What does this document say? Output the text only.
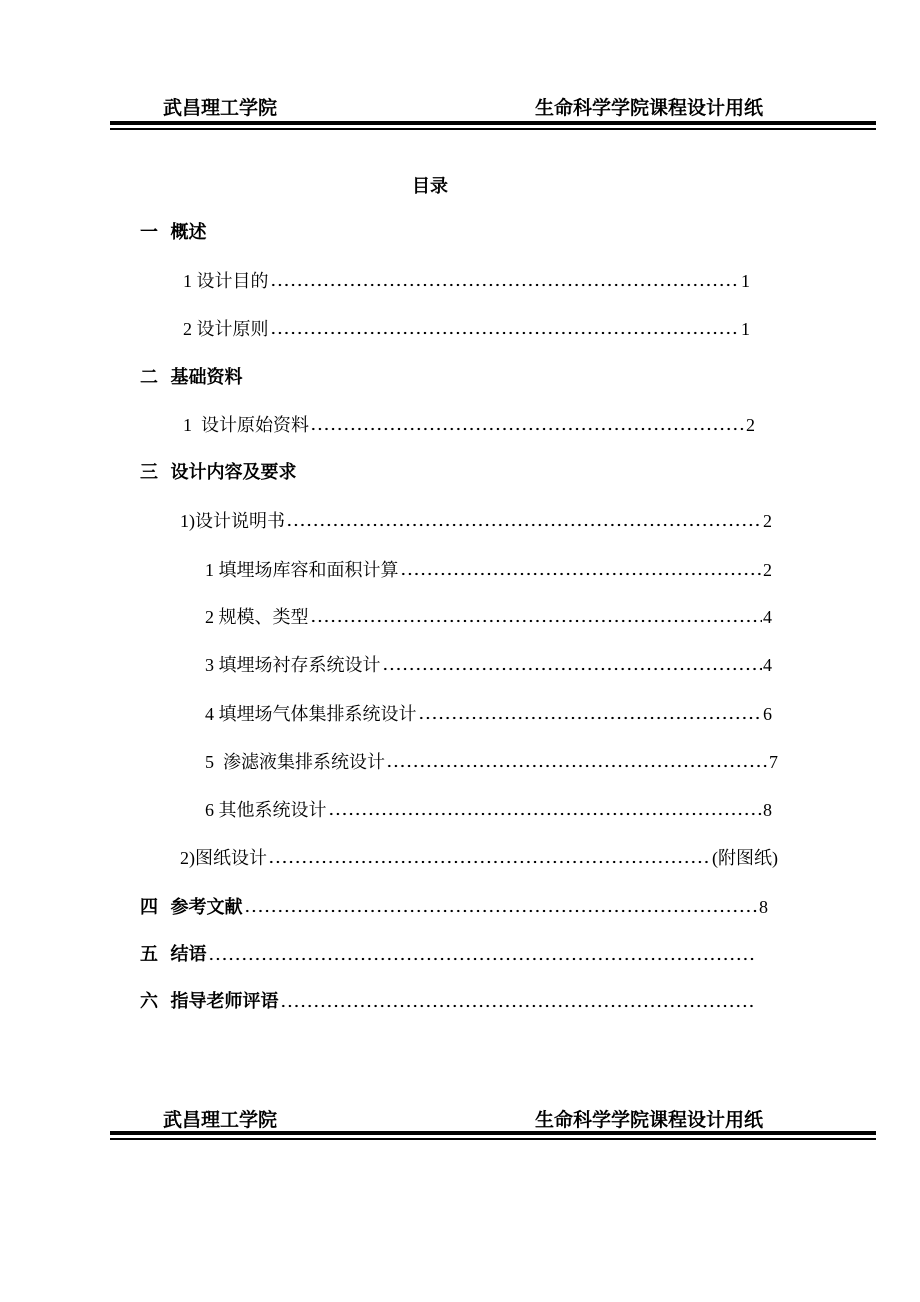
武昌理工学院	生命科学学院课程设计用纸
目录
一  概述
1 设计目的	1
2 设计原则	1
二  基础资料
1  设计原始资料	2
三  设计内容及要求
1)设计说明书	2
1 填埋场库容和面积计算	2
2 规模、类型	4
3 填埋场衬存系统设计	4
4 填埋场气体集排系统设计	6
5  渗滤液集排系统设计	7
6 其他系统设计	8
2)图纸设计	(附图纸)
四  参考文献	8
五  结语
六  指导老师评语
武昌理工学院	生命科学学院课程设计用纸
